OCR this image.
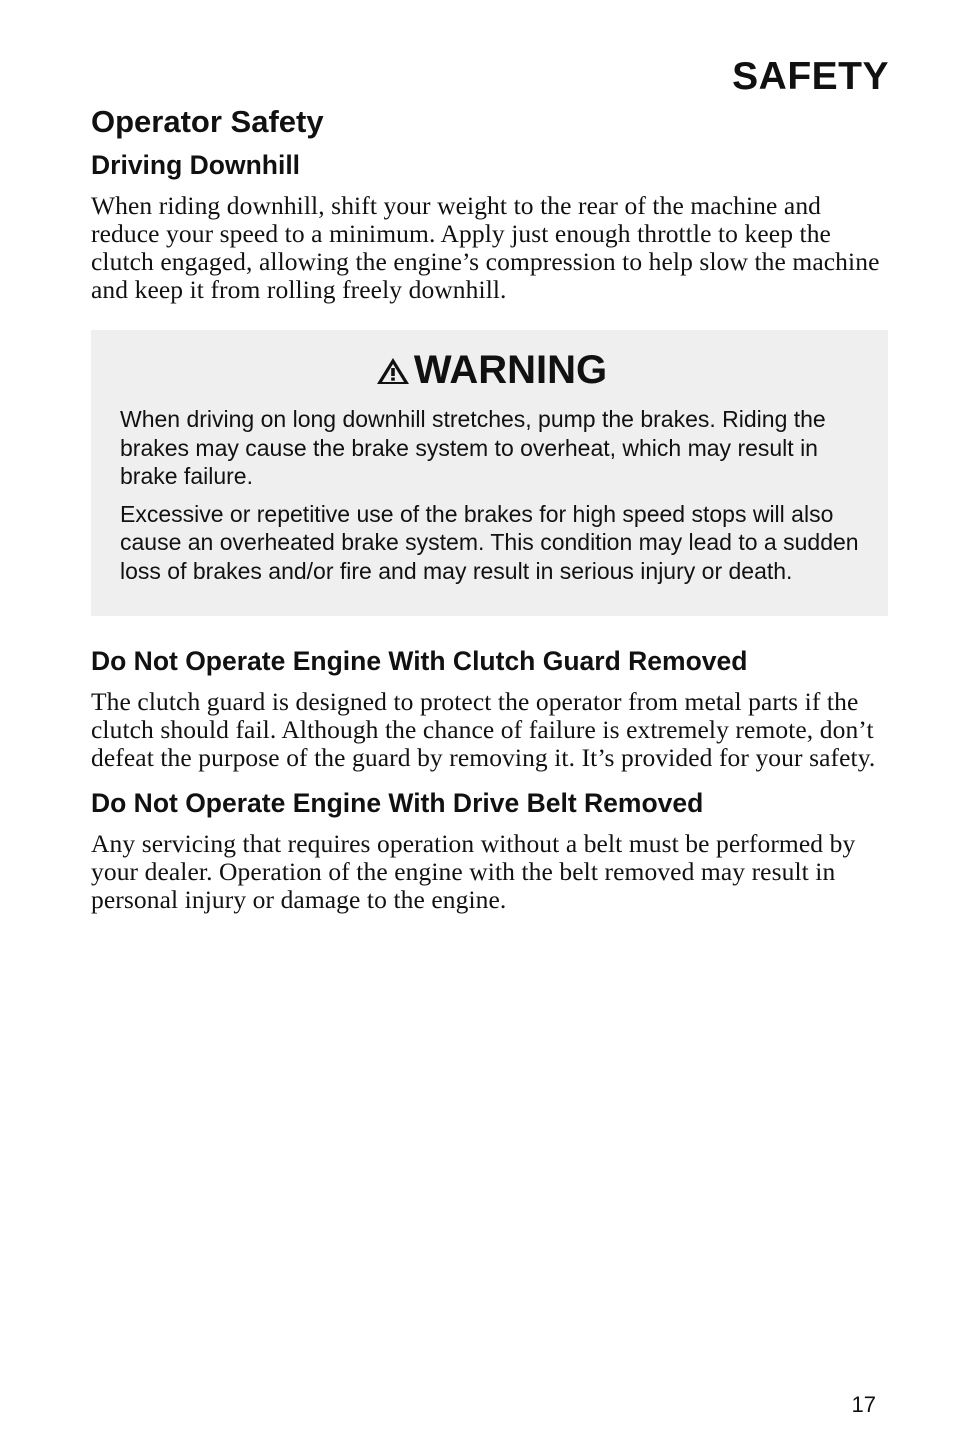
SAFETY
Operator Safety
Driving Downhill

When riding downhill, shift your weight to the rear of the machine and reduce your speed to a minimum. Apply just enough throttle to keep the clutch engaged, allowing the engine’s compression to help slow the machine and keep it from rolling freely downhill.

WARNING

When driving on long downhill stretches, pump the brakes. Riding the brakes may cause the brake system to overheat, which may result in brake failure.

Excessive or repetitive use of the brakes for high speed stops will also cause an overheated brake system. This condition may lead to a sudden loss of brakes and/or fire and may result in serious injury or death.

Do Not Operate Engine With Clutch Guard Removed

The clutch guard is designed to protect the operator from metal parts if the clutch should fail. Although the chance of failure is extremely remote, don’t defeat the purpose of the guard by removing it. It’s provided for your safety.

Do Not Operate Engine With Drive Belt Removed

Any servicing that requires operation without a belt must be performed by your dealer. Operation of the engine with the belt removed may result in personal injury or damage to the engine.

17
